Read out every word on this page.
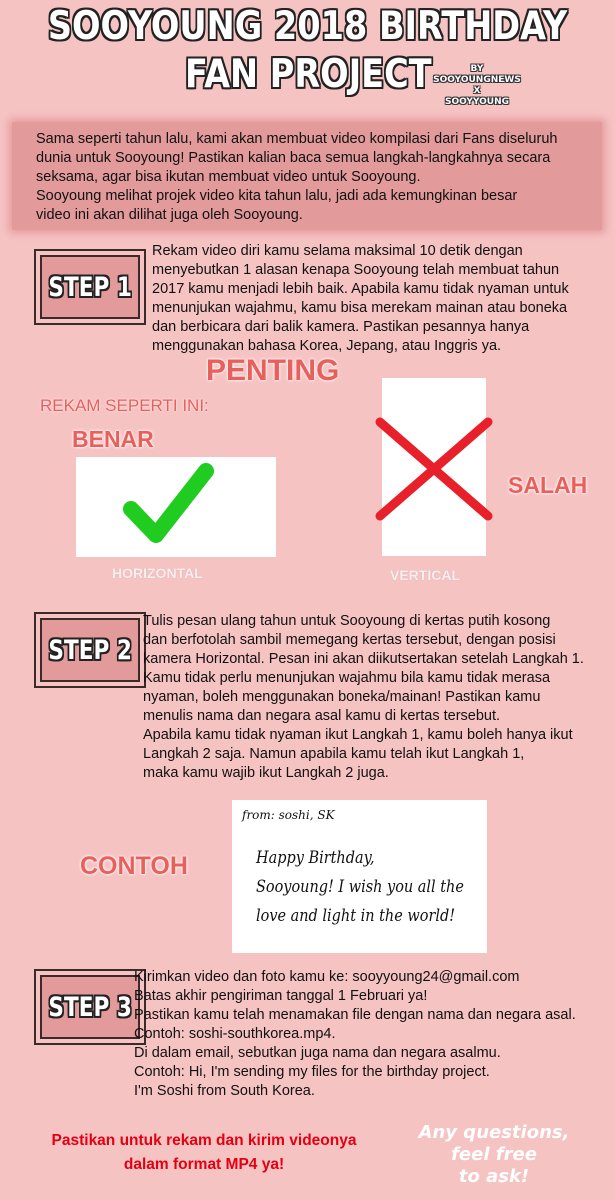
SOOYOUNG 2018 BIRTHDAY
FAN PROJECT	BY SOOYOUNGNEWS
X
SOOYYOUNG

Sama seperti tahun lalu, kami akan membuat video kompilasi dari Fans diseluruh

dunia untuk Sooyoung! Pastikan kalian baca semua langkah-langkahnya secara

seksama, agar bisa ikutan membuat video untuk Sooyoung.

Sooyoung melihat projek video kita tahun lalu, jadi ada kemungkinan besar

video ini akan dilihat juga oleh Sooyoung.

STEP 1

Rekam video diri kamu selama maksimal 10 detik dengan

menyebutkan 1 alasan kenapa Sooyoung telah membuat tahun

2017 kamu menjadi lebih baik. Apabila kamu tidak nyaman untuk

menunjukan wajahmu, kamu bisa merekam mainan atau boneka

dan berbicara dari balik kamera. Pastikan pesannya hanya

menggunakan bahasa Korea, Jepang, atau Inggris ya.

PENTING
REKAM SEPERTI INI:
BENAR
HORIZONTAL	VERTICAL
SALAH
STEP 2

Tulis pesan ulang tahun untuk Sooyoung di kertas putih kosong

dan berfotolah sambil memegang kertas tersebut, dengan posisi

kamera Horizontal. Pesan ini akan diikutsertakan setelah Langkah 1.

Kamu tidak perlu menunjukan wajahmu bila kamu tidak merasa

nyaman, boleh menggunakan boneka/mainan! Pastikan kamu

menulis nama dan negara asal kamu di kertas tersebut.

Apabila kamu tidak nyaman ikut Langkah 1, kamu boleh hanya ikut

Langkah 2 saja. Namun apabila kamu telah ikut Langkah 1,

maka kamu wajib ikut Langkah 2 juga.

CONTOH
from: soshi, SK
Happy Birthday,
Sooyoung! I wish you all the
love and light in the world!
STEP 3

Kirimkan video dan foto kamu ke: sooyyoung24@gmail.com

Batas akhir pengiriman tanggal 1 Februari ya!

Pastikan kamu telah menamakan file dengan nama dan negara asal.

Contoh: soshi-southkorea.mp4.

Di dalam email, sebutkan juga nama dan negara asalmu.

Contoh: Hi, I'm sending my files for the birthday project.

I'm Soshi from South Korea.

Pastikan untuk rekam dan kirim videonya
dalam format MP4 ya!
Any questions,
feel free
to ask!
